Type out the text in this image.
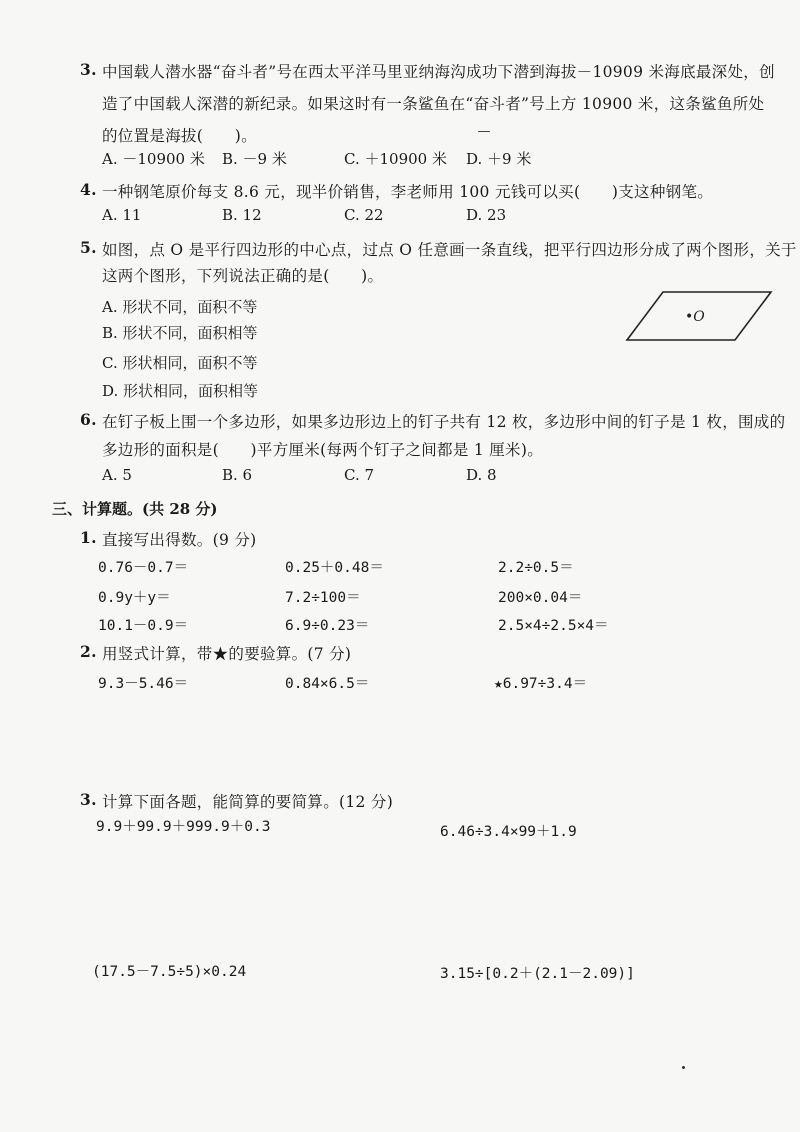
3. 中国载人潜水器“奋斗者”号在西太平洋马里亚纳海沟成功下潜到海拔－10909 米海底最深处，创
造了中国载人深潜的新纪录。如果这时有一条鲨鱼在“奋斗者”号上方 10900 米，这条鲨鱼所处
的位置是海拔(　　)。
A. －10900 米 B. －9 米	C. ＋10900 米 D. ＋9 米
4. 一种钢笔原价每支 8.6 元，现半价销售，李老师用 100 元钱可以买(　　)支这种钢笔。
A. 11	B. 12	C. 22	D. 23
5. 如图，点 O 是平行四边形的中心点，过点 O 任意画一条直线，把平行四边形分成了两个图形，关于
这两个图形，下列说法正确的是(　　)。
A. 形状不同，面积不等
B. 形状不同，面积相等
C. 形状相同，面积不等
D. 形状相同，面积相等
•O
6. 在钉子板上围一个多边形，如果多边形边上的钉子共有 12 枚，多边形中间的钉子是 1 枚，围成的
多边形的面积是(　　)平方厘米(每两个钉子之间都是 1 厘米)。
A. 5	B. 6	C. 7	D. 8
三、计算题。(共 28 分)
1. 直接写出得数。(9 分)
0.76－0.7＝	0.25＋0.48＝	2.2÷0.5＝
0.9y＋y＝	7.2÷100＝	200×0.04＝
10.1－0.9＝	6.9÷0.23＝	2.5×4÷2.5×4＝
2. 用竖式计算，带★的要验算。(7 分)
9.3－5.46＝	0.84×6.5＝	★6.97÷3.4＝
3. 计算下面各题，能简算的要简算。(12 分)
9.9＋99.9＋999.9＋0.3	6.46÷3.4×99＋1.9
(17.5－7.5÷5)×0.24	3.15÷[0.2＋(2.1－2.09)]
